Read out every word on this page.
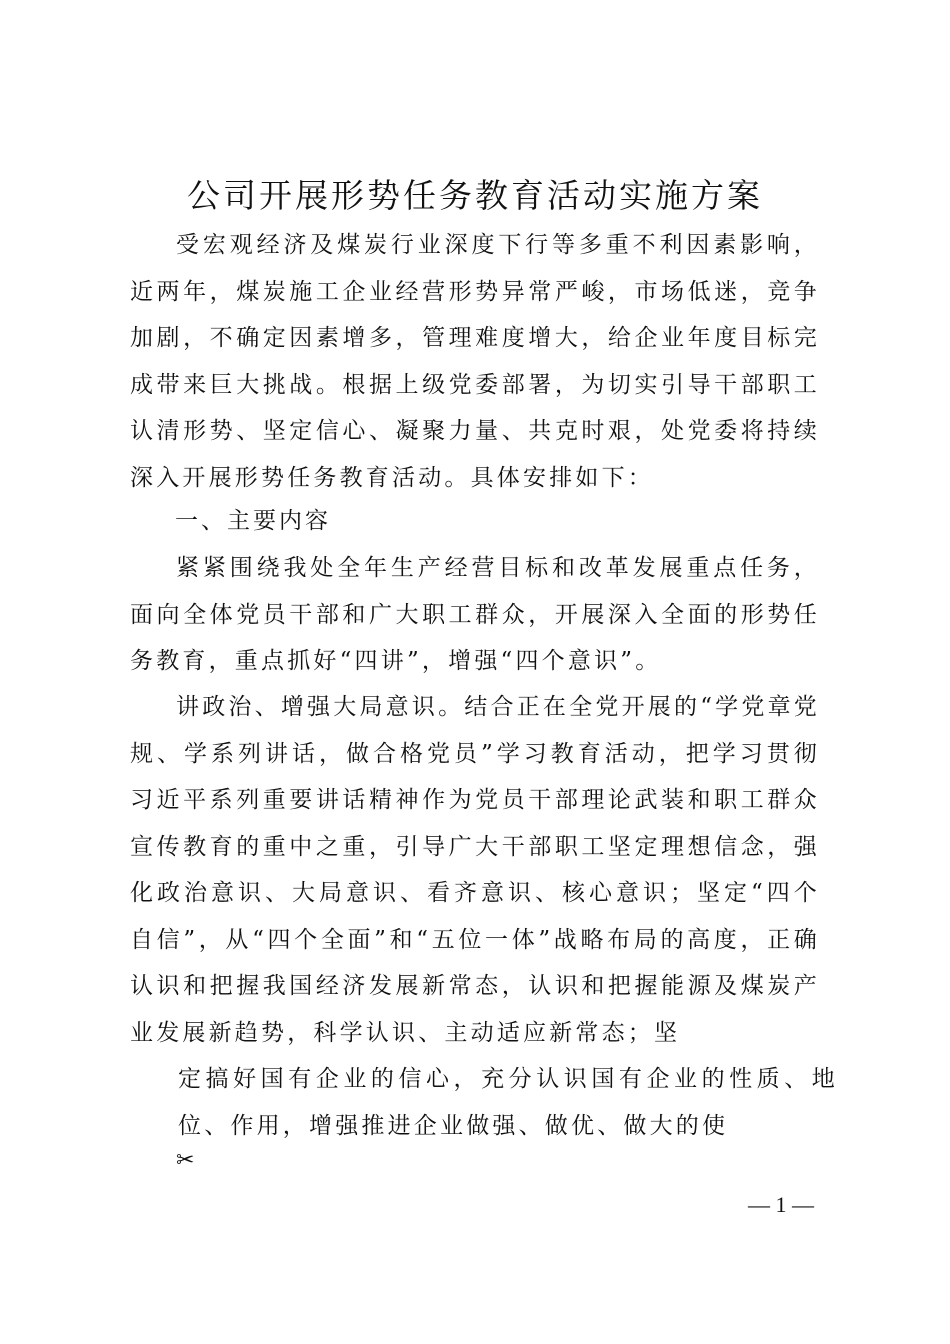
公司开展形势任务教育活动实施方案

受宏观经济及煤炭行业深度下行等多重不利因素影响，近两年，煤炭施工企业经营形势异常严峻，市场低迷，竞争加剧，不确定因素增多，管理难度增大，给企业年度目标完成带来巨大挑战。根据上级党委部署，为切实引导干部职工认清形势、坚定信心、凝聚力量、共克时艰，处党委将持续深入开展形势任务教育活动。具体安排如下：

一、主要内容

紧紧围绕我处全年生产经营目标和改革发展重点任务，面向全体党员干部和广大职工群众，开展深入全面的形势任务教育，重点抓好“四讲”，增强“四个意识”。

讲政治、增强大局意识。结合正在全党开展的“学党章党规、学系列讲话，做合格党员”学习教育活动，把学习贯彻习近平系列重要讲话精神作为党员干部理论武装和职工群众宣传教育的重中之重，引导广大干部职工坚定理想信念，强化政治意识、大局意识、看齐意识、核心意识；坚定“四个自信”，从“四个全面”和“五位一体”战略布局的高度，正确认识和把握我国经济发展新常态，认识和把握能源及煤炭产业发展新趋势，科学认识、主动适应新常态；坚

定搞好国有企业的信心，充分认识国有企业的性质、地位、作用，增强推进企业做强、做优、做大的使

✂
— 1 —
